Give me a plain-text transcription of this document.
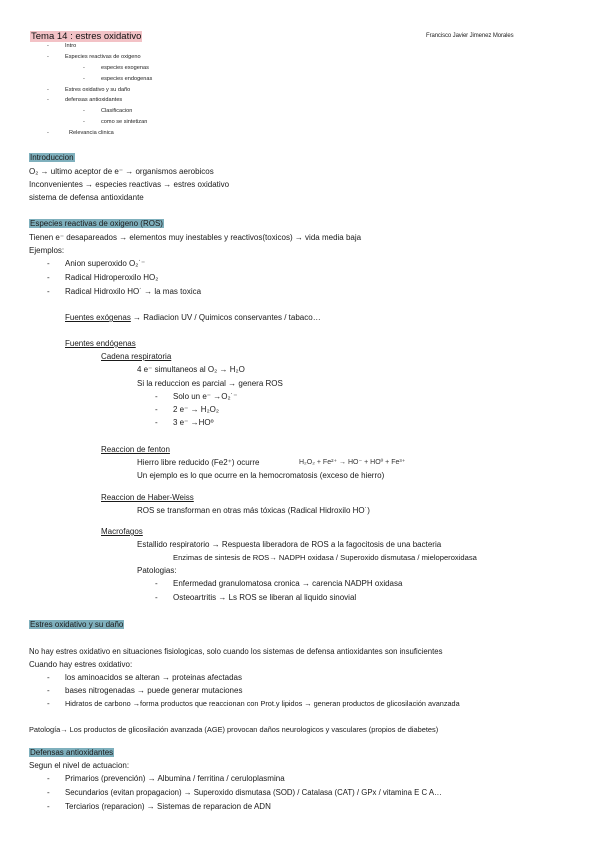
Tema 14 : estres oxidativo	Francisco Javier Jimenez Morales
-	Intro
-	Especies reactivas de oxigeno
-	especies exogenas
-	especies endogenas
-	Estres oxidativo y su daño
-	defensas antioxidantes
-	Clasificacion
-	como se sintetizan
-	Relevancia clinica
Introduccion
O₂ → ultimo aceptor de e⁻ → organismos aerobicos
Inconvenientes → especies reactivas → estres oxidativo
sistema de defensa antioxidante
Especies reactivas de oxigeno (ROS)
Tienen e⁻ desapareados → elementos muy inestables y reactivos(toxicos) → vida media baja
Ejemplos:
- Anion superoxido O₂˙⁻
- Radical Hidroperoxilo HO₂
- Radical Hidroxilo HO˙ → la mas toxica
Fuentes exógenas → Radiacion UV / Quimicos conservantes / tabaco…
Fuentes endógenas
Cadena respiratoria
4 e⁻ simultaneos al O₂ → H₂O
Si la reduccion es parcial → genera ROS
- Solo un e⁻ →O₂˙⁻
- 2 e⁻ → H₂O₂
- 3 e⁻ →HOº
Reaccion de fenton
Hierro libre reducido (Fe2⁺) ocurre	H₂O₂ + Fe²⁺ → HO⁻ + HOº + Fe³⁺
Un ejemplo es lo que ocurre en la hemocromatosis (exceso de hierro)
Reaccion de Haber-Weiss
ROS se transforman en otras más tóxicas (Radical Hidroxilo HO˙)
Macrofagos
Estallido respiratorio → Respuesta liberadora de ROS a la fagocitosis de una bacteria
Enzimas de sintesis de ROS→ NADPH oxidasa / Superoxido dismutasa / mieloperoxidasa
Patologias:
- Enfermedad granulomatosa cronica → carencia NADPH oxidasa
- Osteoartritis → Ls ROS se liberan al liquido sinovial
Estres oxidativo y su daño
No hay estres oxidativo en situaciones fisiologicas, solo cuando los sistemas de defensa antioxidantes son insuficientes
Cuando hay estres oxidativo:
- los aminoacidos se alteran → proteinas afectadas
- bases nitrogenadas → puede generar mutaciones
- Hidratos de carbono →forma productos que reaccionan con Prot.y lipidos → generan productos de glicosilación avanzada
Patología→ Los productos de glicosilación avanzada (AGE) provocan daños neurologicos y vasculares (propios de diabetes)
Defensas antioxidantes
Segun el nivel de actuacion:
- Primarios (prevención) → Albumina / ferritina / ceruloplasmina
- Secundarios (evitan propagacion) → Superoxido dismutasa (SOD) / Catalasa (CAT) / GPx / vitamina E C A…
- Terciarios (reparacion) → Sistemas de reparacion de ADN
